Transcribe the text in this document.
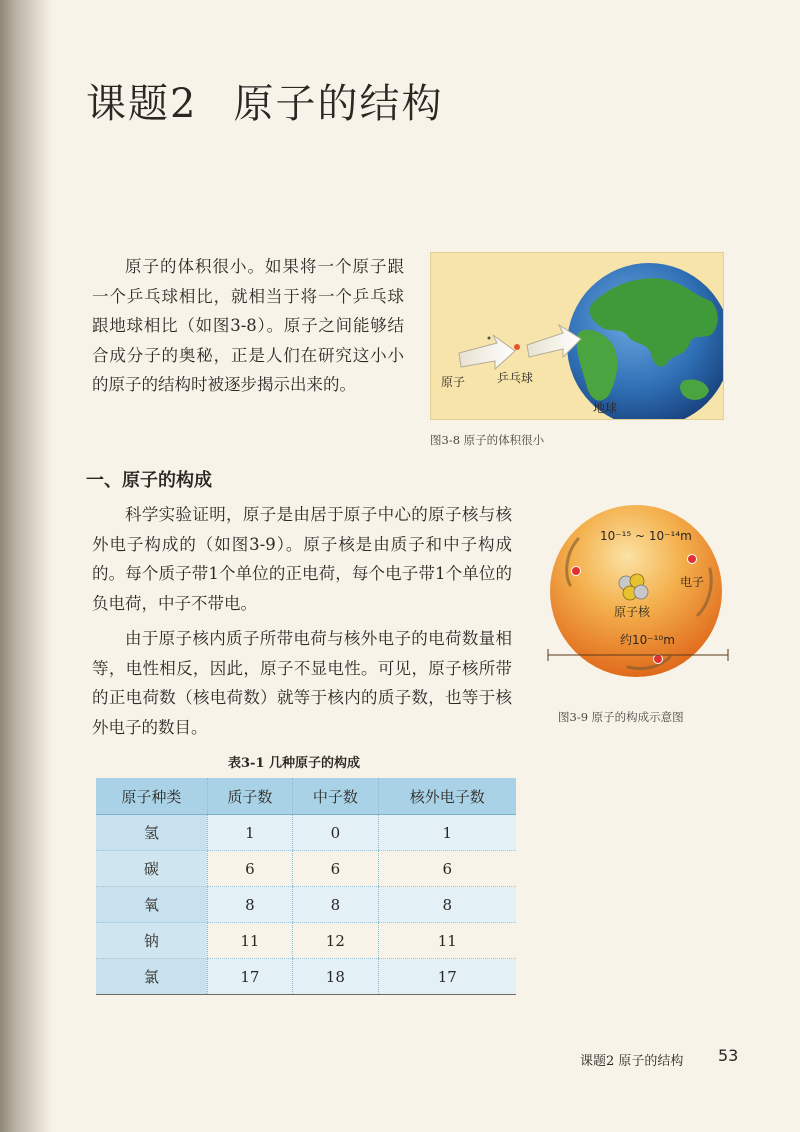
课题2 原子的结构

原子的体积很小。如果将一个原子跟一个乒乓球相比，就相当于将一个乒乓球跟地球相比（如图3-8）。原子之间能够结合成分子的奥秘，正是人们在研究这小小的原子的结构时被逐步揭示出来的。	原子	乒乓球
地球
图3-8 原子的体积很小
一、原子的构成

科学实验证明，原子是由居于原子中心的原子核与核外电子构成的（如图3-9）。原子核是由质子和中子构成的。每个质子带1个单位的正电荷，每个电子带1个单位的负电荷，中子不带电。

由于原子核内质子所带电荷与核外电子的电荷数量相等，电性相反，因此，原子不显电性。可见，原子核所带的正电荷数（核电荷数）就等于核内的质子数，也等于核外电子的数目。

10⁻¹⁵ ~ 10⁻¹⁴m
电子
原子核
约10⁻¹⁰m
图3-9 原子的构成示意图
表3-1 几种原子的构成
原子种类	质子数	中子数	核外电子数
氢	1	0	1
碳	6	6	6
氧	8	8	8
钠	11	12	11
氯	17	18	17
课题2 原子的结构 53
